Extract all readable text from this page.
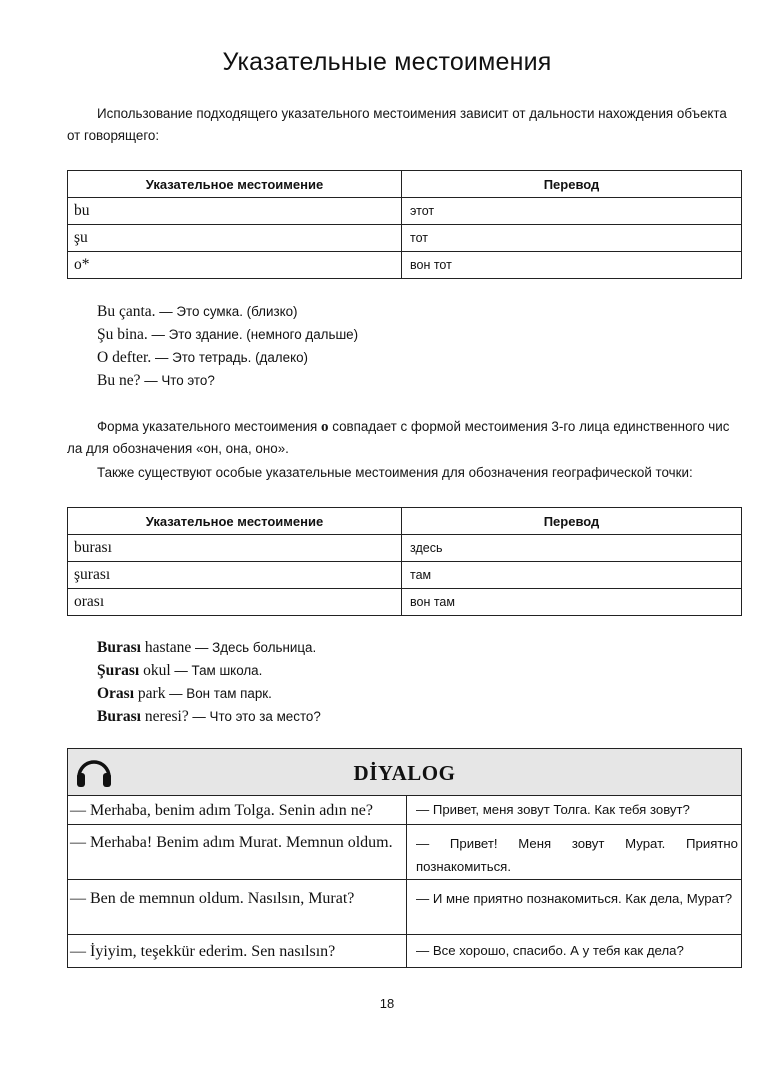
Указательные местоимения
Использование подходящего указательного местоимения зависит от дальности нахождения объекта
от говорящего:
Указательное местоимение	Перевод
bu	этот
şu	тот
o*	вон тот
Bu çanta. — Это сумка. (близко)
Şu bina. — Это здание. (немного дальше)
O defter. — Это тетрадь. (далеко)
Bu ne? — Что это?
Форма указательного местоимения o совпадает с формой местоимения 3-го лица единственного чис
ла для обозначения «он, она, оно».
Также существуют особые указательные местоимения для обозначения географической точки:
Указательное местоимение	Перевод
burası	здесь
şurası	там
orası	вон там
Burası hastane — Здесь больница.
Şurası okul — Там школа.
Orası park — Вон там парк.
Burası neresi? — Что это за место?
DİYALOG
— Merhaba, benim adım Tolga. Senin adın ne?	— Привет, меня зовут Толга. Как тебя зовут?
— Merhaba! Benim adım Murat. Memnun oldum.	— Привет! Меня зовут Мурат. Приятно познакомиться.
— Ben de memnun oldum. Nasılsın, Murat?	— И мне приятно познакомиться. Как дела, Мурат?
— İyiyim, teşekkür ederim. Sen nasılsın?	— Все хорошо, спасибо. А у тебя как дела?
18
